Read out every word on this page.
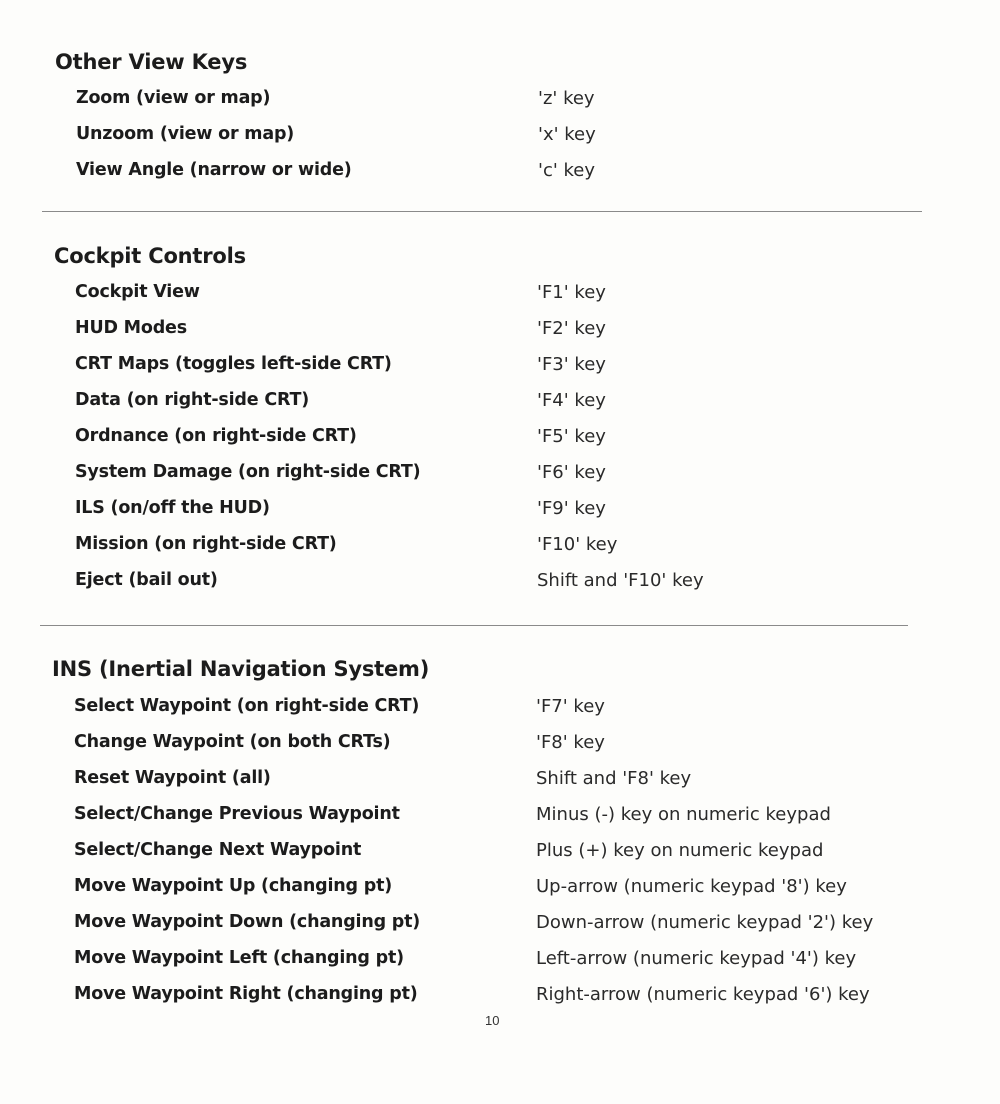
Other View Keys
Zoom (view or map)	'z' key
Unzoom (view or map)	'x' key
View Angle (narrow or wide)	'c' key
Cockpit Controls
Cockpit View	'F1' key
HUD Modes	'F2' key
CRT Maps (toggles left-side CRT)	'F3' key
Data (on right-side CRT)	'F4' key
Ordnance (on right-side CRT)	'F5' key
System Damage (on right-side CRT)	'F6' key
ILS (on/off the HUD)	'F9' key
Mission (on right-side CRT)	'F10' key
Eject (bail out)	Shift and 'F10' key
INS (Inertial Navigation System)
Select Waypoint (on right-side CRT)	'F7' key
Change Waypoint (on both CRTs)	'F8' key
Reset Waypoint (all)	Shift and 'F8' key
Select/Change Previous Waypoint	Minus (-) key on numeric keypad
Select/Change Next Waypoint	Plus (+) key on numeric keypad
Move Waypoint Up (changing pt)	Up-arrow (numeric keypad '8') key
Move Waypoint Down (changing pt)	Down-arrow (numeric keypad '2') key
Move Waypoint Left (changing pt)	Left-arrow (numeric keypad '4') key
Move Waypoint Right (changing pt)	Right-arrow (numeric keypad '6') key
10
